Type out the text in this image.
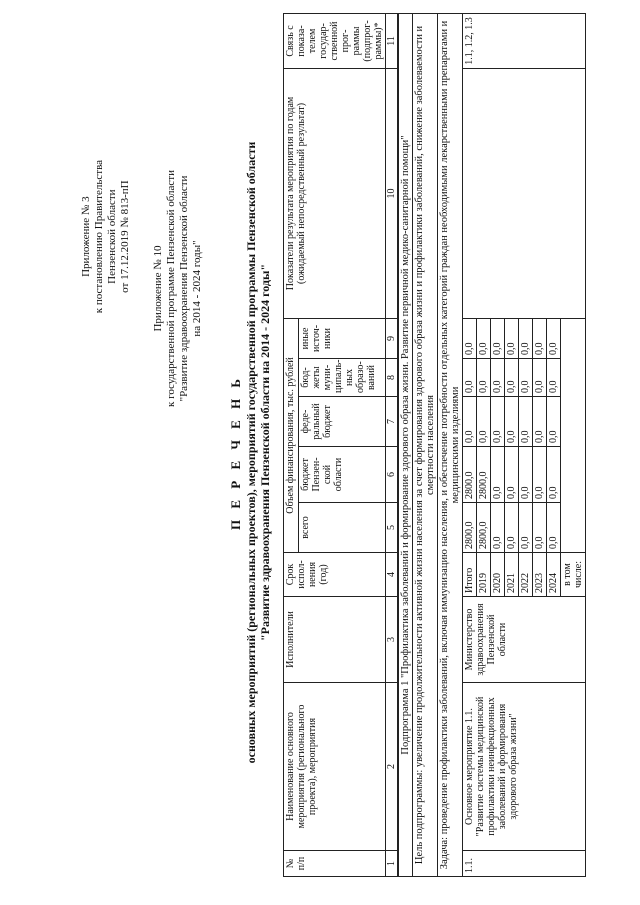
Приложение № 3 к постановлению Правительства Пензенской области от 17.12.2019 № 813-пП Приложение № 10 к государственной программе Пензенской области "Развитие здравоохранения Пензенской области на 2014 - 2024 годы"
П Е Р Е Ч Е Н Ь основных мероприятий (региональных проектов), мероприятий государственной программы Пензенской области "Развитие здравоохранения Пензенской области на 2014 - 2024 годы"
№ п/п	Наименование основного мероприятия (регионального проекта), мероприятия	Исполнители	Срок испол-нения (год)	Объем финансирования, тыс. рублей					Показатели результата мероприятия по годам (ожидаемый непосредственный результат)	Связь с показа-телем государ-ственной прог-раммы (подпрог-раммы)*
				всего	бюджет Пензен-ской области	феде-ральный бюджет	бюд-жеты муни-ципаль-ных образо-ваний	иные источ-ники		
1	2	3	4	5	6	7	8	9	10	11
Подпрограмма 1 "Профилактика заболеваний и формирование здорового образа жизни. Развитие первичной медико-санитарной помощи"										
Цель подпрограммы: увеличение продолжительности активной жизни населения за счет формирования здорового образа жизни и профилактики заболеваний, снижение заболеваемости и смертности населения										
Задача: проведение профилактики заболеваний, включая иммунизацию населения, и обеспечение потребности отдельных категорий граждан необходимыми лекарственными препаратами и медицинскими изделиями										
1.1.	Основное мероприятие 1.1. "Развитие системы медицинской профилактики неинфекционных заболеваний и формирования здорового образа жизни"	Министерство здравоохранения Пензенской области	Итого	2800,0	2800,0	0,0	0,0	0,0		1.1, 1.2, 1.3
			2019	2800,0	2800,0	0,0	0,0	0,0		
			2020	0,0	0,0	0,0	0,0	0,0		
			2021	0,0	0,0	0,0	0,0	0,0		
			2022	0,0	0,0	0,0	0,0	0,0		
			2023	0,0	0,0	0,0	0,0	0,0		
			2024	0,0	0,0	0,0	0,0	0,0		
			в том числе:							
